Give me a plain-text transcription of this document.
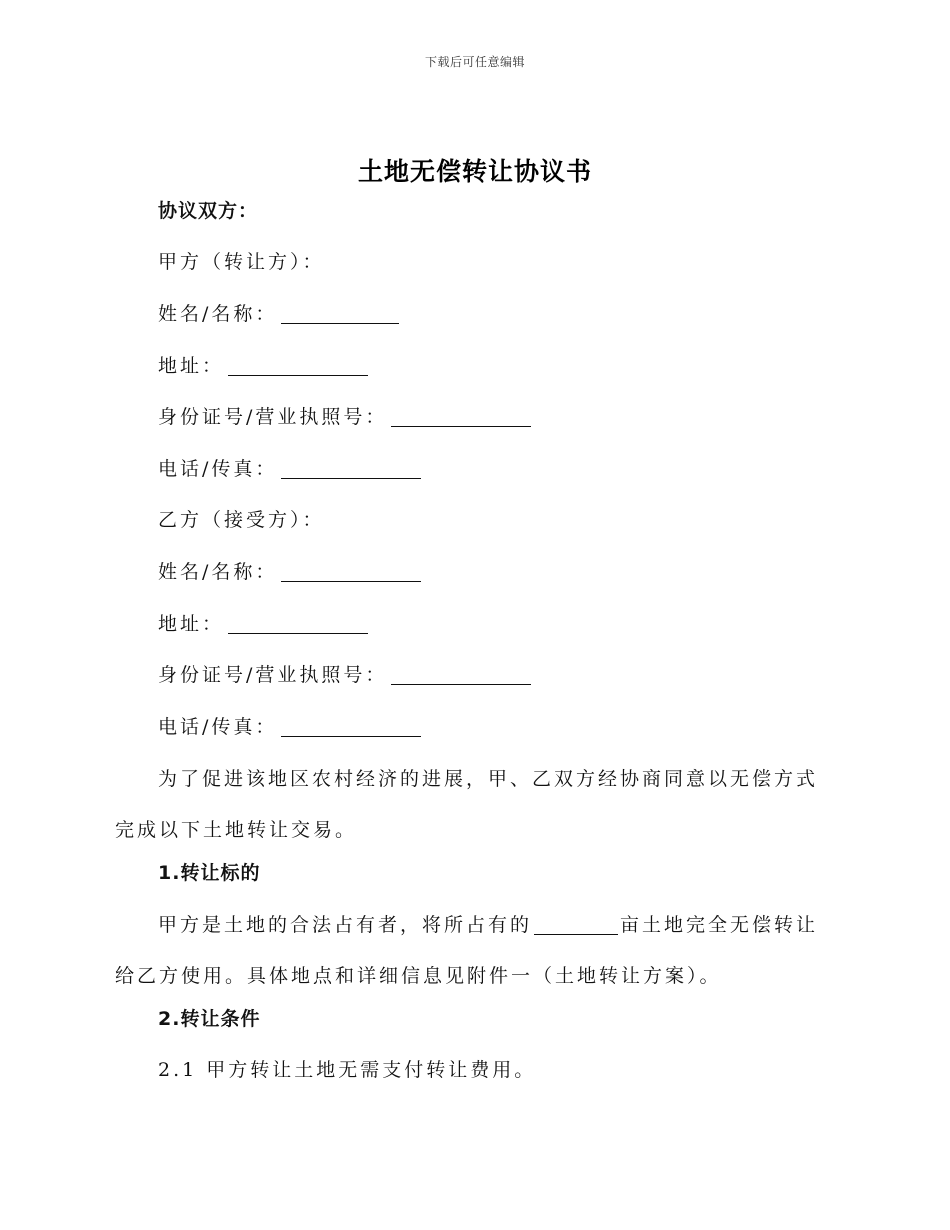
下载后可任意编辑
土地无偿转让协议书
协议双方：
甲方（转让方）：
姓名/名称：
地址：
身份证号/营业执照号：
电话/传真：
乙方（接受方）：
姓名/名称：
地址：
身份证号/营业执照号：
电话/传真：
为了促进该地区农村经济的进展，甲、乙双方经协商同意以无偿方式完成以下土地转让交易。
1.转让标的
甲方是土地的合法占有者，将所占有的	亩土地完全无偿转让给乙方使用。具体地点和详细信息见附件一（土地转让方案）。
2.转让条件
2.1 甲方转让土地无需支付转让费用。
